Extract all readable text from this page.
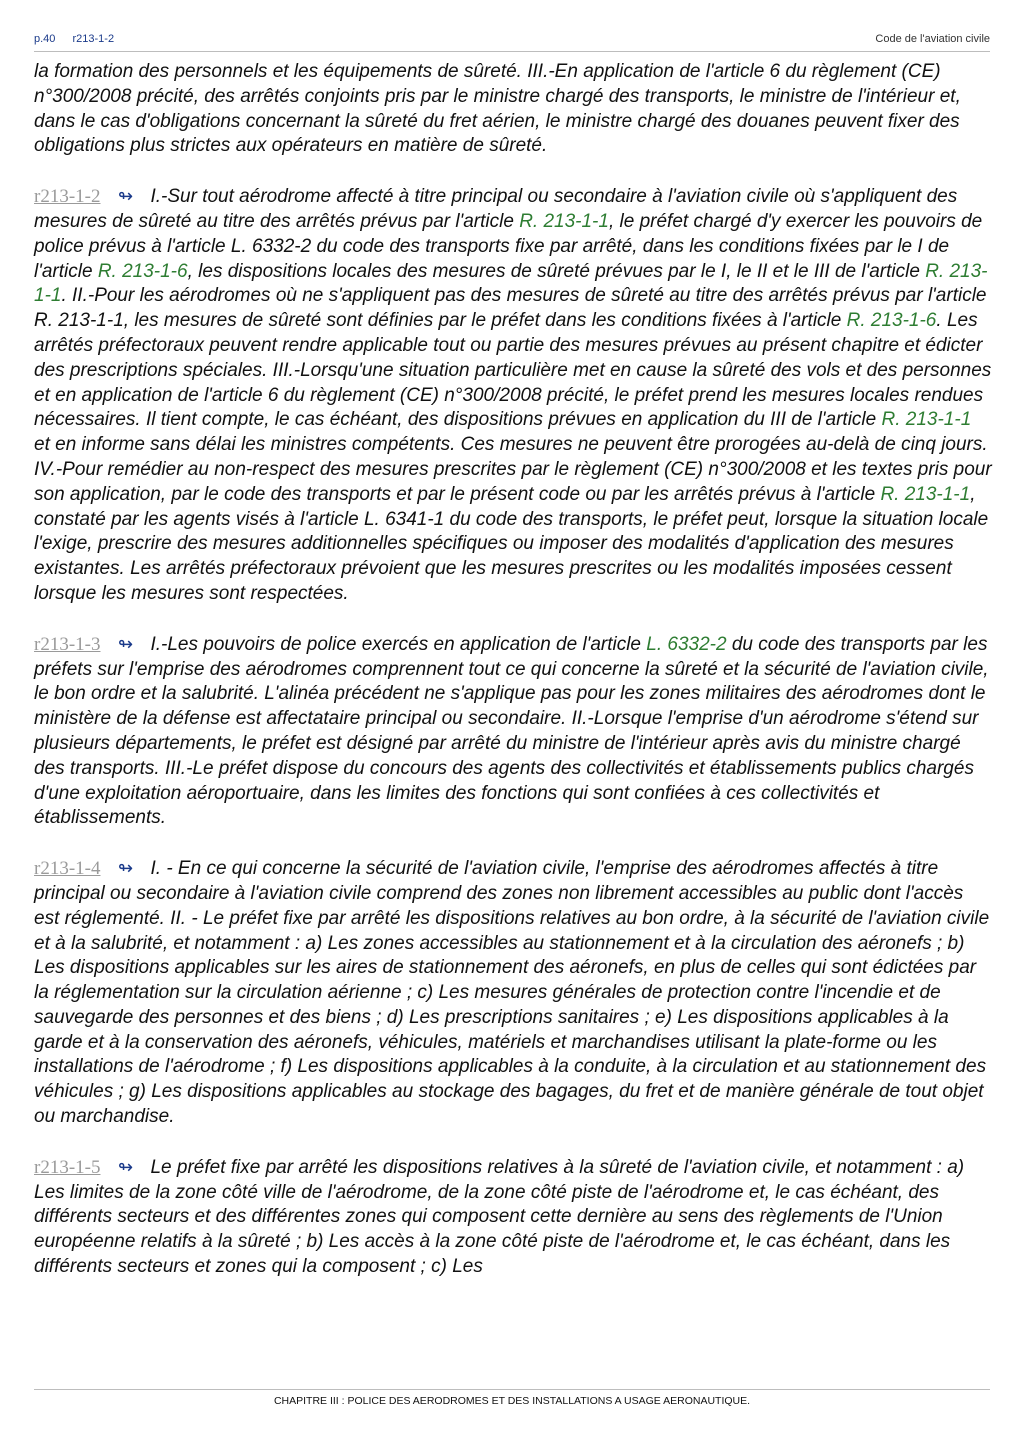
p.40 r213-1-2	Code de l'aviation civile

la formation des personnels et les équipements de sûreté. III.-En application de l'article 6 du règlement (CE) n°300/2008 précité, des arrêtés conjoints pris par le ministre chargé des transports, le ministre de l'intérieur et, dans le cas d'obligations concernant la sûreté du fret aérien, le ministre chargé des douanes peuvent fixer des obligations plus strictes aux opérateurs en matière de sûreté.

r213-1-2 ↬ I.-Sur tout aérodrome affecté à titre principal ou secondaire à l'aviation civile où s'appliquent des mesures de sûreté au titre des arrêtés prévus par l'article R. 213-1-1, le préfet chargé d'y exercer les pouvoirs de police prévus à l'article L. 6332-2 du code des transports fixe par arrêté, dans les conditions fixées par le I de l'article R. 213-1-6, les dispositions locales des mesures de sûreté prévues par le I, le II et le III de l'article R. 213-1-1. II.-Pour les aérodromes où ne s'appliquent pas des mesures de sûreté au titre des arrêtés prévus par l'article R. 213-1-1, les mesures de sûreté sont définies par le préfet dans les conditions fixées à l'article R. 213-1-6. Les arrêtés préfectoraux peuvent rendre applicable tout ou partie des mesures prévues au présent chapitre et édicter des prescriptions spéciales. III.-Lorsqu'une situation particulière met en cause la sûreté des vols et des personnes et en application de l'article 6 du règlement (CE) n°300/2008 précité, le préfet prend les mesures locales rendues nécessaires. Il tient compte, le cas échéant, des dispositions prévues en application du III de l'article R. 213-1-1 et en informe sans délai les ministres compétents. Ces mesures ne peuvent être prorogées au-delà de cinq jours. IV.-Pour remédier au non-respect des mesures prescrites par le règlement (CE) n°300/2008 et les textes pris pour son application, par le code des transports et par le présent code ou par les arrêtés prévus à l'article R. 213-1-1, constaté par les agents visés à l'article L. 6341-1 du code des transports, le préfet peut, lorsque la situation locale l'exige, prescrire des mesures additionnelles spécifiques ou imposer des modalités d'application des mesures existantes. Les arrêtés préfectoraux prévoient que les mesures prescrites ou les modalités imposées cessent lorsque les mesures sont respectées.

r213-1-3 ↬ I.-Les pouvoirs de police exercés en application de l'article L. 6332-2 du code des transports par les préfets sur l'emprise des aérodromes comprennent tout ce qui concerne la sûreté et la sécurité de l'aviation civile, le bon ordre et la salubrité. L'alinéa précédent ne s'applique pas pour les zones militaires des aérodromes dont le ministère de la défense est affectataire principal ou secondaire. II.-Lorsque l'emprise d'un aérodrome s'étend sur plusieurs départements, le préfet est désigné par arrêté du ministre de l'intérieur après avis du ministre chargé des transports. III.-Le préfet dispose du concours des agents des collectivités et établissements publics chargés d'une exploitation aéroportuaire, dans les limites des fonctions qui sont confiées à ces collectivités et établissements.

r213-1-4 ↬ I. - En ce qui concerne la sécurité de l'aviation civile, l'emprise des aérodromes affectés à titre principal ou secondaire à l'aviation civile comprend des zones non librement accessibles au public dont l'accès est réglementé. II. - Le préfet fixe par arrêté les dispositions relatives au bon ordre, à la sécurité de l'aviation civile et à la salubrité, et notamment : a) Les zones accessibles au stationnement et à la circulation des aéronefs ; b) Les dispositions applicables sur les aires de stationnement des aéronefs, en plus de celles qui sont édictées par la réglementation sur la circulation aérienne ; c) Les mesures générales de protection contre l'incendie et de sauvegarde des personnes et des biens ; d) Les prescriptions sanitaires ; e) Les dispositions applicables à la garde et à la conservation des aéronefs, véhicules, matériels et marchandises utilisant la plate-forme ou les installations de l'aérodrome ; f) Les dispositions applicables à la conduite, à la circulation et au stationnement des véhicules ; g) Les dispositions applicables au stockage des bagages, du fret et de manière générale de tout objet ou marchandise.

r213-1-5 ↬ Le préfet fixe par arrêté les dispositions relatives à la sûreté de l'aviation civile, et notamment : a) Les limites de la zone côté ville de l'aérodrome, de la zone côté piste de l'aérodrome et, le cas échéant, des différents secteurs et des différentes zones qui composent cette dernière au sens des règlements de l'Union européenne relatifs à la sûreté ; b) Les accès à la zone côté piste de l'aérodrome et, le cas échéant, dans les différents secteurs et zones qui la composent ; c) Les

CHAPITRE III : POLICE DES AERODROMES ET DES INSTALLATIONS A USAGE AERONAUTIQUE.
